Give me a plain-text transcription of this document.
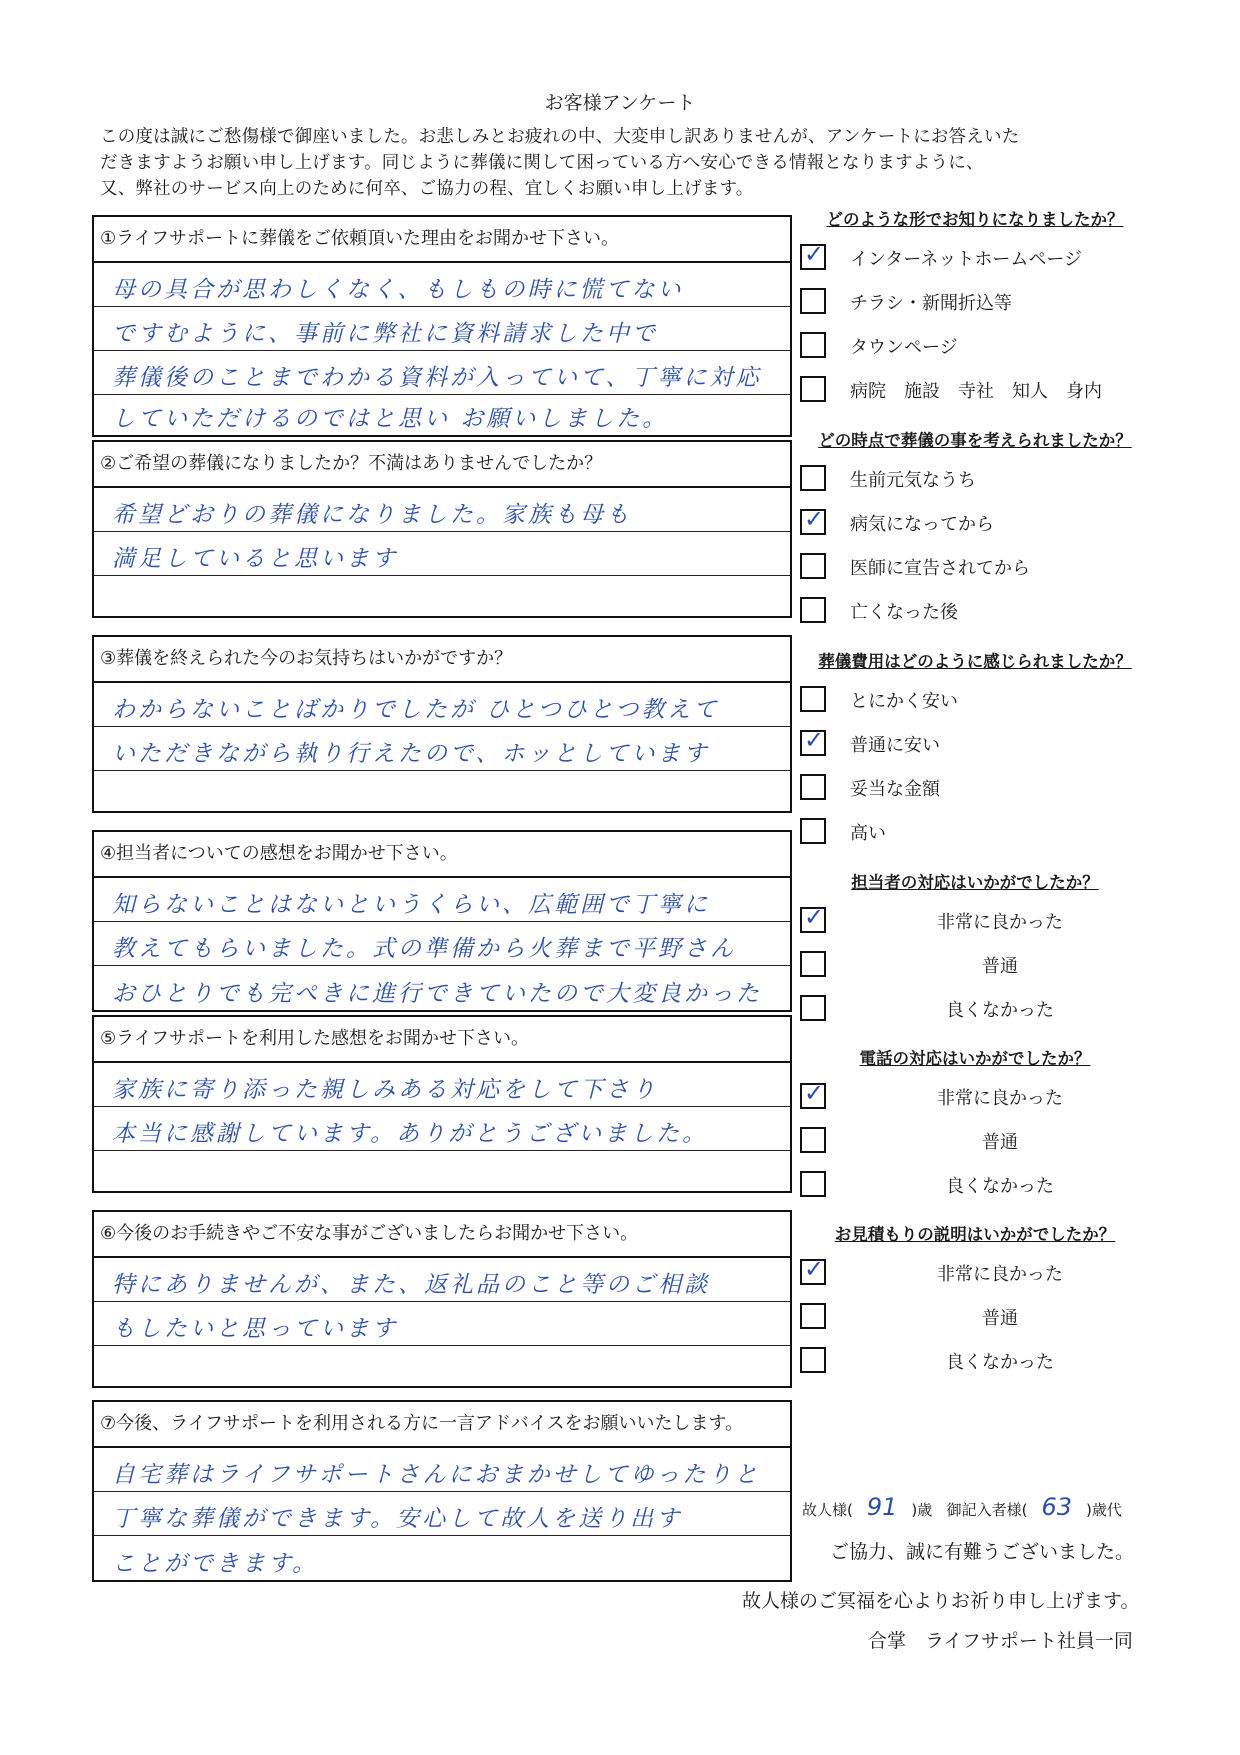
お客様アンケート
この度は誠にご愁傷様で御座いました。お悲しみとお疲れの中、大変申し訳ありませんが、アンケートにお答えいた
だきますようお願い申し上げます。同じように葬儀に関して困っている方へ安心できる情報となりますように、
又、弊社のサービス向上のために何卒、ご協力の程、宜しくお願い申し上げます。
①ライフサポートに葬儀をご依頼頂いた理由をお聞かせ下さい。
母の具合が思わしくなく、もしもの時に慌てない
ですむように、事前に弊社に資料請求した中で
葬儀後のことまでわかる資料が入っていて、丁寧に対応
していただけるのではと思い お願いしました。
②ご希望の葬儀になりましたか？不満はありませんでしたか？
希望どおりの葬儀になりました。家族も母も
満足していると思います
③葬儀を終えられた今のお気持ちはいかがですか？
わからないことばかりでしたが ひとつひとつ教えて
いただきながら執り行えたので、ホッとしています
④担当者についての感想をお聞かせ下さい。
知らないことはないというくらい、広範囲で丁寧に
教えてもらいました。式の準備から火葬まで平野さん
おひとりでも完ぺきに進行できていたので大変良かった
⑤ライフサポートを利用した感想をお聞かせ下さい。
家族に寄り添った親しみある対応をして下さり
本当に感謝しています。ありがとうございました。
⑥今後のお手続きやご不安な事がございましたらお聞かせ下さい。
特にありませんが、また、返礼品のこと等のご相談
もしたいと思っています
⑦今後、ライフサポートを利用される方に一言アドバイスをお願いいたします。
自宅葬はライフサポートさんにおまかせしてゆったりと
丁寧な葬儀ができます。安心して故人を送り出す
ことができます。
どのような形でお知りになりましたか？
✓ インターネットホームページ
チラシ・新聞折込等
タウンページ
病院　施設　寺社　知人　身内
どの時点で葬儀の事を考えられましたか？
生前元気なうち
✓ 病気になってから
医師に宣告されてから
亡くなった後
葬儀費用はどのように感じられましたか？
とにかく安い
✓ 普通に安い
妥当な金額
高い
担当者の対応はいかがでしたか？
✓	非常に良かった
普通
良くなかった
電話の対応はいかがでしたか？
✓	非常に良かった
普通
良くなかった
お見積もりの説明はいかがでしたか？
✓	非常に良かった
普通
良くなかった
故人様( 91 )歳 御記入者様( 63 )歳代
ご協力、誠に有難うございました。
故人様のご冥福を心よりお祈り申し上げます。
合掌　ライフサポート社員一同
